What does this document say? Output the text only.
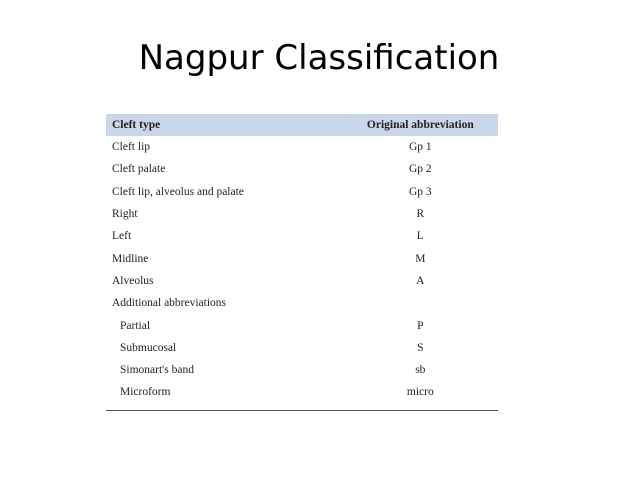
Nagpur Classification
Cleft type	Original abbreviation
Cleft lip	Gp 1
Cleft palate	Gp 2
Cleft lip, alveolus and palate	Gp 3
Right	R
Left	L
Midline	M
Alveolus	A
Additional abbreviations	
Partial	P
Submucosal	S
Simonart's band	sb
Microform	micro
